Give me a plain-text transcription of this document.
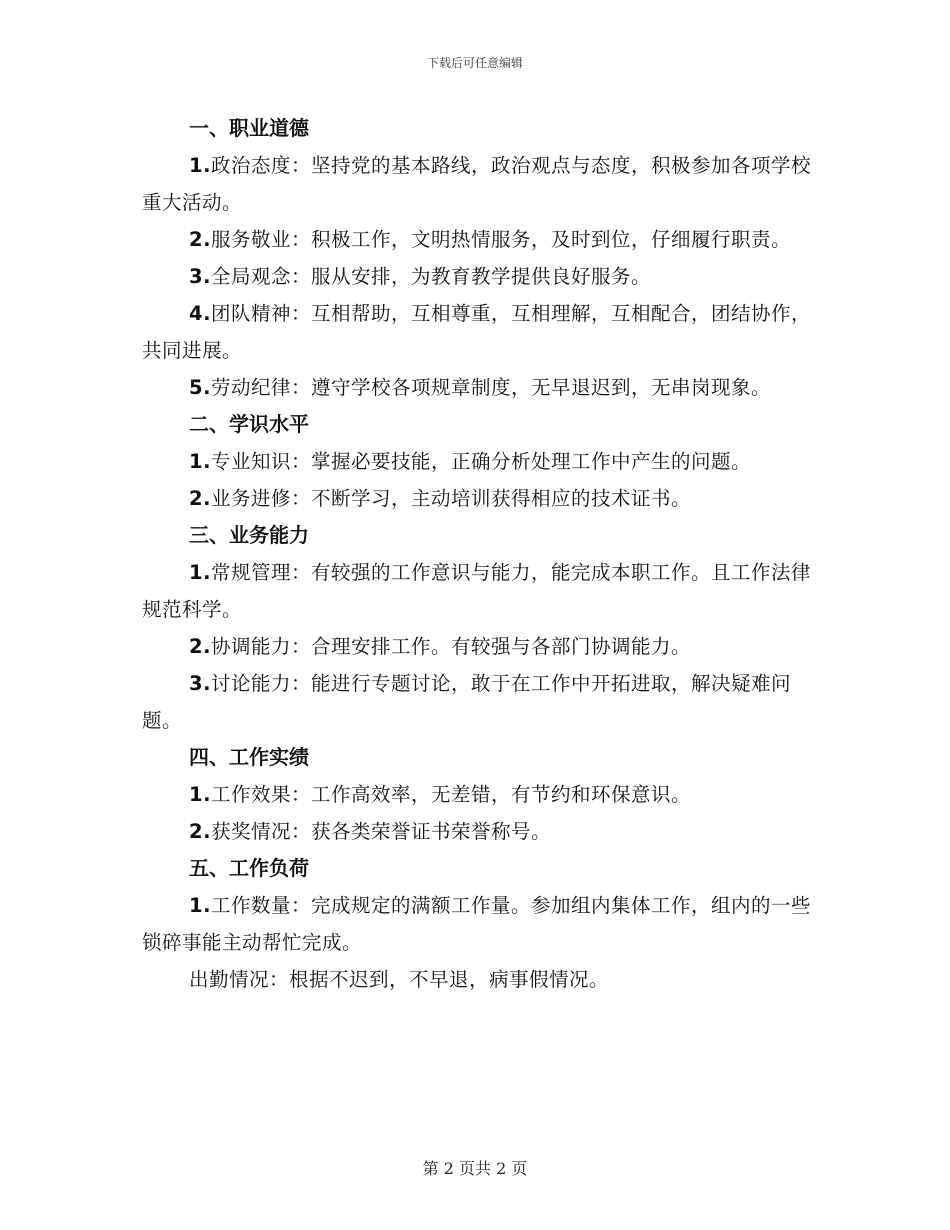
下载后可任意编辑

一、职业道德

1.政治态度：坚持党的基本路线，政治观点与态度，积极参加各项学校重大活动。

2.服务敬业：积极工作，文明热情服务，及时到位，仔细履行职责。

3.全局观念：服从安排，为教育教学提供良好服务。

4.团队精神：互相帮助，互相尊重，互相理解，互相配合，团结协作，共同进展。

5.劳动纪律：遵守学校各项规章制度，无早退迟到，无串岗现象。

二、学识水平

1.专业知识：掌握必要技能，正确分析处理工作中产生的问题。

2.业务进修：不断学习，主动培训获得相应的技术证书。

三、业务能力

1.常规管理：有较强的工作意识与能力，能完成本职工作。且工作法律规范科学。

2.协调能力：合理安排工作。有较强与各部门协调能力。

3.讨论能力：能进行专题讨论，敢于在工作中开拓进取，解决疑难问题。

四、工作实绩

1.工作效果：工作高效率，无差错，有节约和环保意识。

2.获奖情况：获各类荣誉证书荣誉称号。

五、工作负荷

1.工作数量：完成规定的满额工作量。参加组内集体工作，组内的一些锁碎事能主动帮忙完成。

出勤情况：根据不迟到，不早退，病事假情况。

第 2 页共 2 页
